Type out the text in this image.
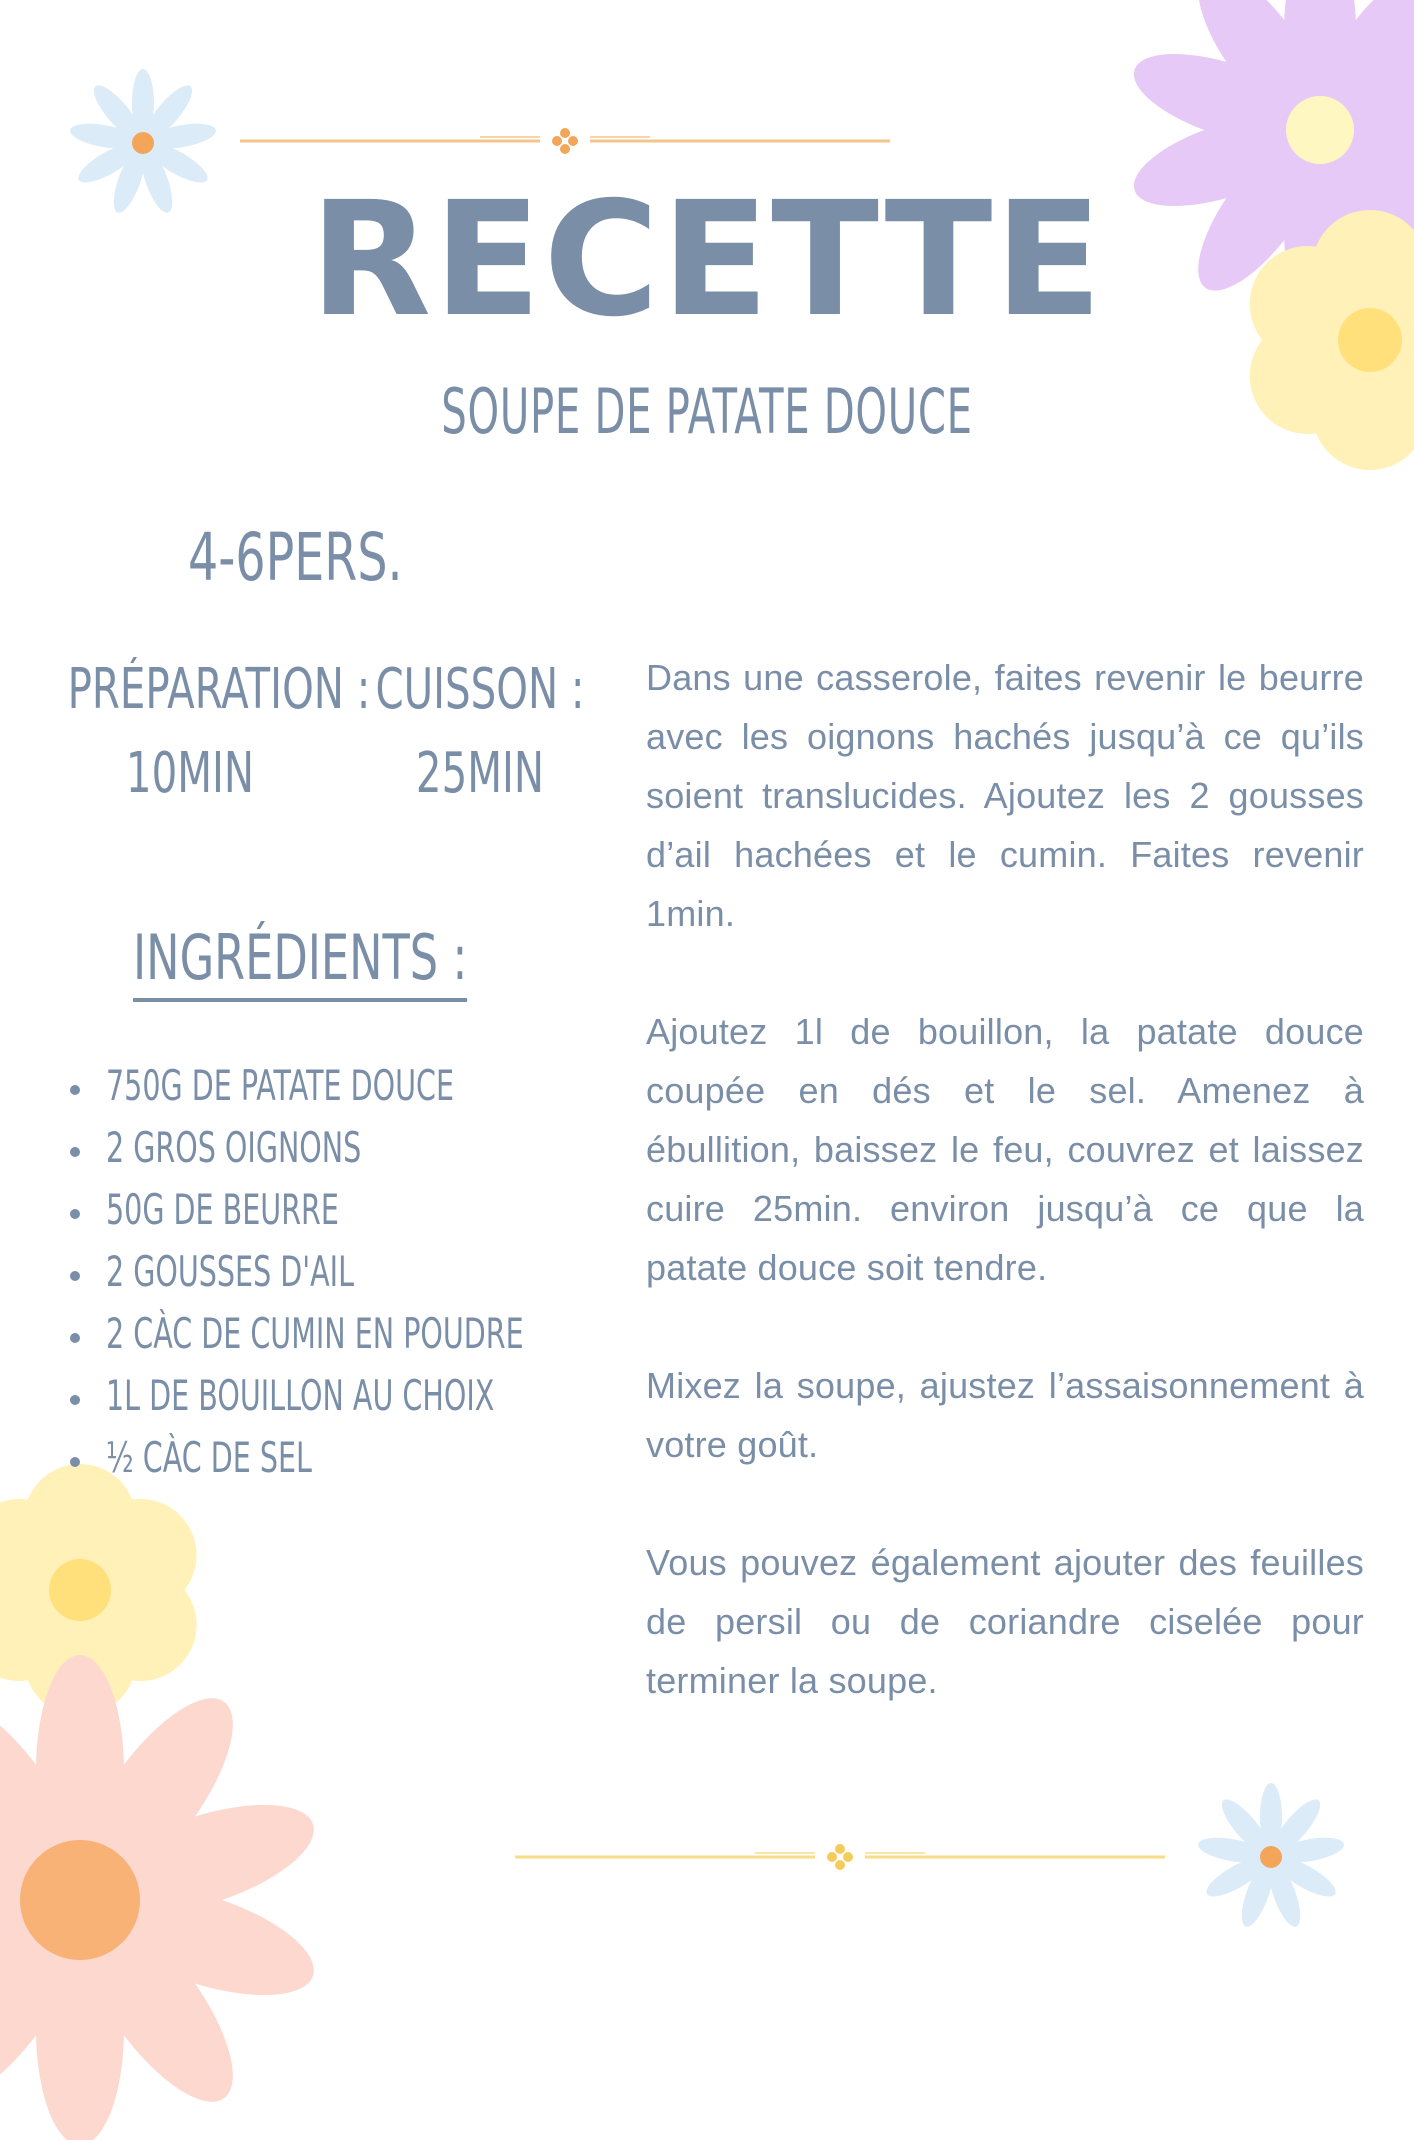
RECETTE
SOUPE DE PATATE DOUCE
4-6PERS.
PRÉPARATION :
10MIN
CUISSON :
25MIN
INGRÉDIENTS :
750G DE PATATE DOUCE
2 GROS OIGNONS
50G DE BEURRE
2 GOUSSES D'AIL
2 CÀC DE CUMIN EN POUDRE
1L DE BOUILLON AU CHOIX
½ CÀC DE SEL

Dans une casserole, faites revenir le beurre avec les oignons hachés jusqu’à ce qu’ils soient translucides. Ajoutez les 2 gousses d’ail hachées et le cumin. Faites revenir 1min.

Ajoutez 1l de bouillon, la patate douce coupée en dés et le sel. Amenez à ébullition, baissez le feu, couvrez et laissez cuire 25min. environ jusqu’à ce que la patate douce soit tendre.

Mixez la soupe, ajustez l’assaisonnement à votre goût.

Vous pouvez également ajouter des feuilles de persil ou de coriandre ciselée pour terminer la soupe.
